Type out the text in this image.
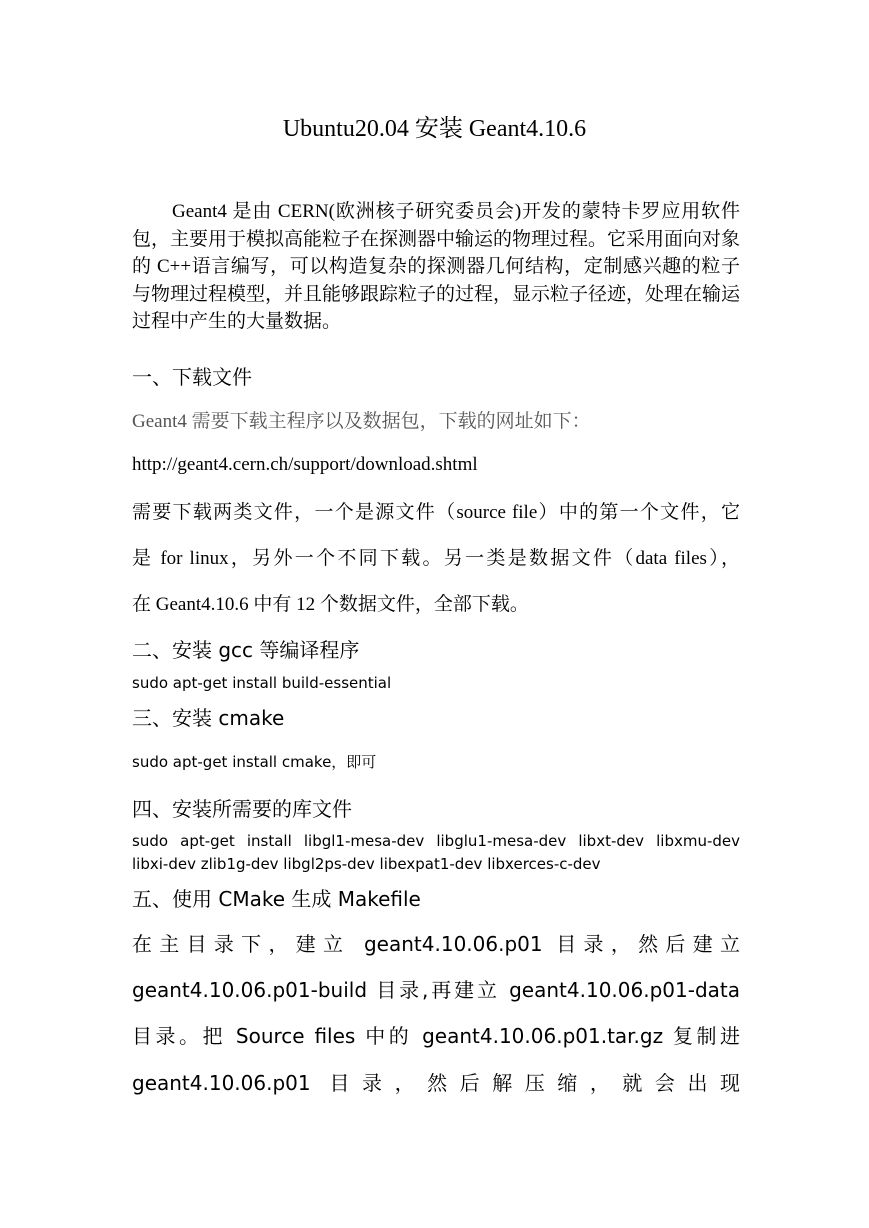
Ubuntu20.04 安装 Geant4.10.6
Geant4 是由 CERN(欧洲核子研究委员会)开发的蒙特卡罗应用软件包，主要用于模拟高能粒子在探测器中输运的物理过程。它采用面向对象的 C++语言编写，可以构造复杂的探测器几何结构，定制感兴趣的粒子与物理过程模型，并且能够跟踪粒子的过程，显示粒子径迹，处理在输运过程中产生的大量数据。
一、下载文件
Geant4 需要下载主程序以及数据包，下载的网址如下：
http://geant4.cern.ch/support/download.shtml
需要下载两类文件，一个是源文件（source file）中的第一个文件，它
是 for linux，另外一个不同下载。另一类是数据文件（data files），
在 Geant4.10.6 中有 12 个数据文件，全部下载。
二、安装 gcc 等编译程序
sudo apt-get install build-essential
三、安装 cmake
sudo apt-get install cmake，即可
四、安装所需要的库文件
sudo apt-get install libgl1-mesa-dev libglu1-mesa-dev libxt-dev libxmu-dev
libxi-dev zlib1g-dev libgl2ps-dev libexpat1-dev libxerces-c-dev
五、使用 CMake 生成 Makefile
在主目录下，建立 geant4.10.06.p01 目录，然后建立
geant4.10.06.p01-build 目录,再建立 geant4.10.06.p01-data
目录。把 Source files 中的 geant4.10.06.p01.tar.gz 复制进
geant4.10.06.p01 目录，然后解压缩，就会出现
